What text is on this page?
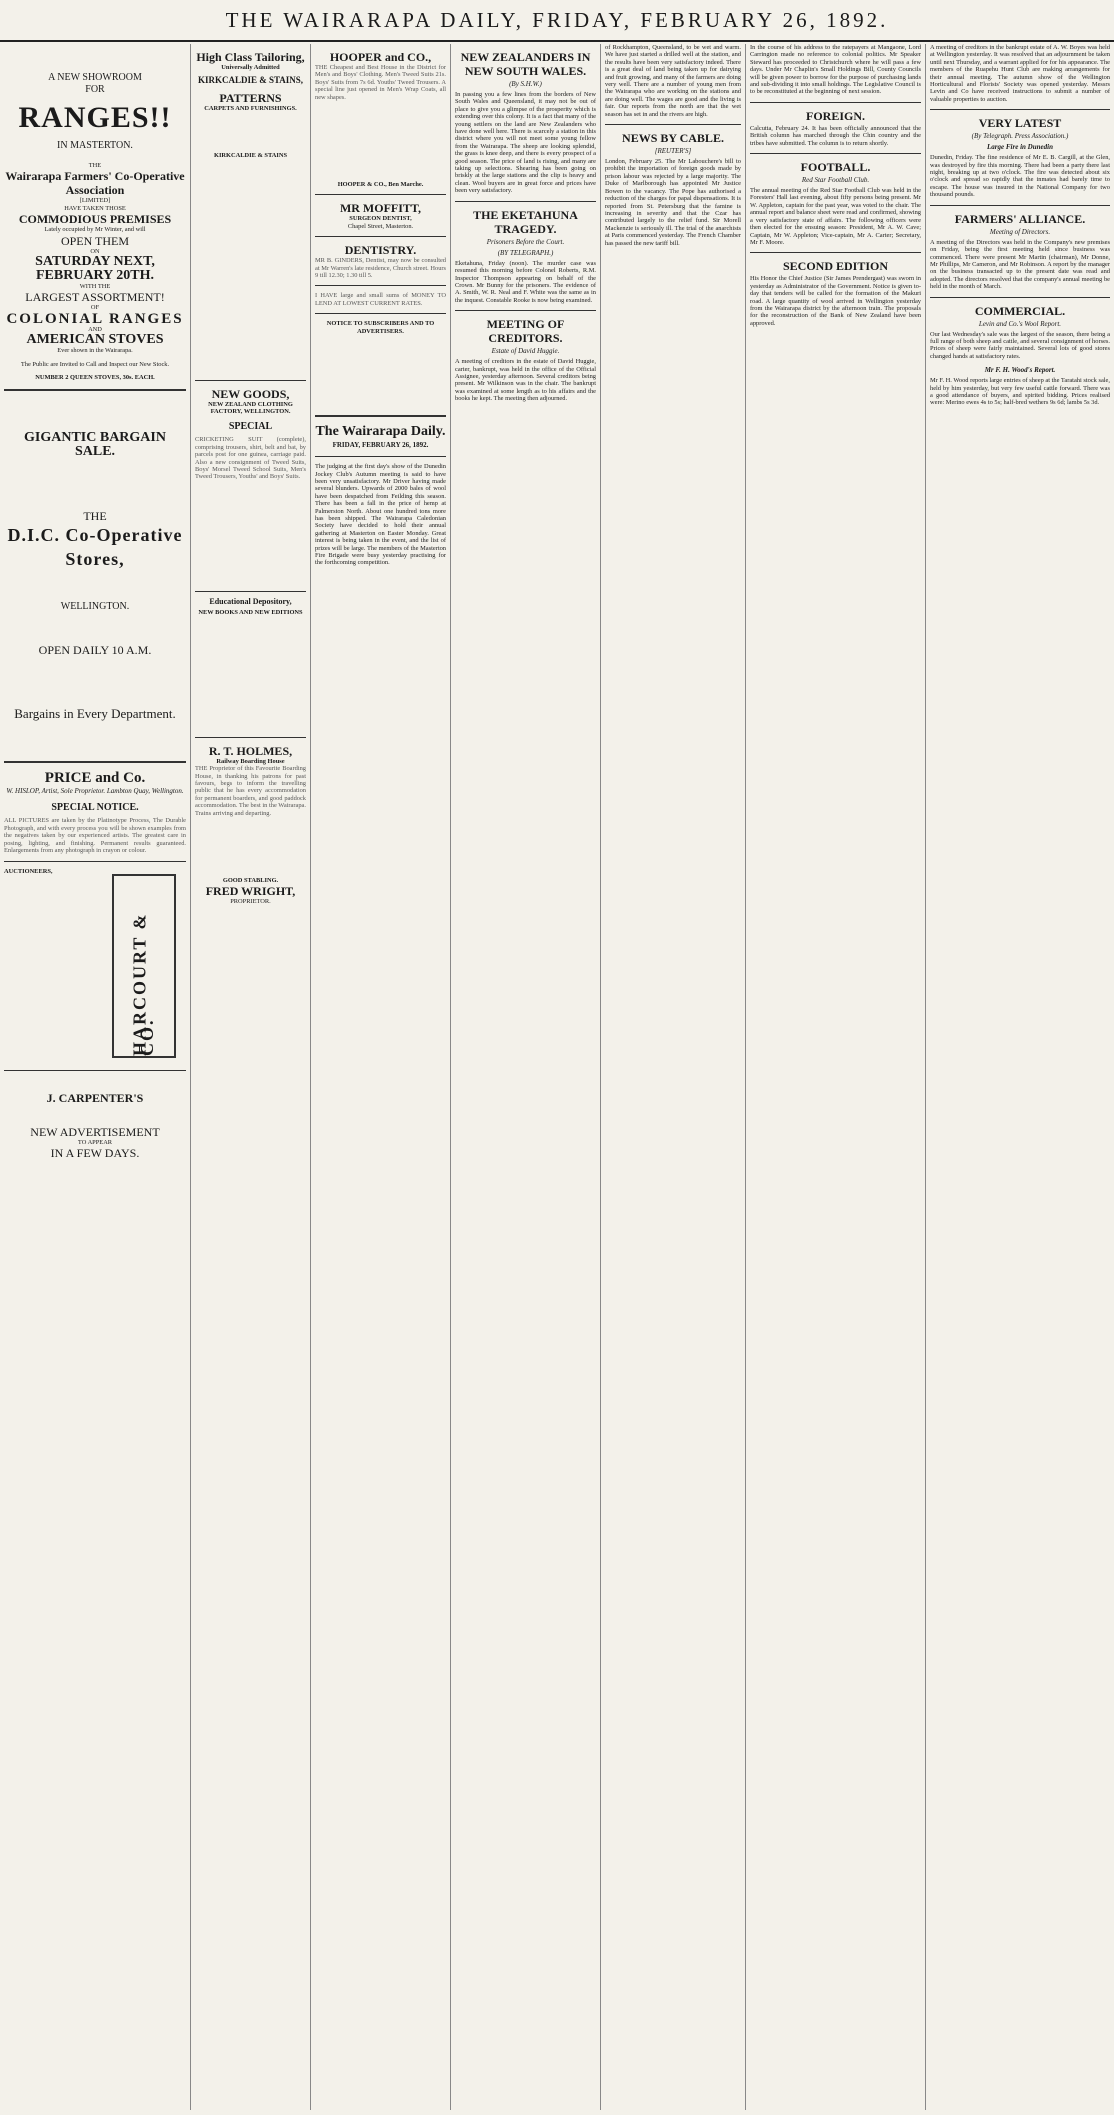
THE WAIRARAPA DAILY, FRIDAY, FEBRUARY 26, 1892.
A NEW SHOWROOM
FOR
RANGES!!
IN MASTERTON.
THE
Wairarapa Farmers' Co-Operative Association
[LIMITED]
HAVE TAKEN THOSE
COMMODIOUS PREMISES
Lately occupied by Mr Winter, and will
OPEN THEM
ON
SATURDAY NEXT, FEBRUARY 20TH.
WITH THE
LARGEST ASSORTMENT!
OF
COLONIAL RANGES
AND
AMERICAN STOVES
Ever shown in the Wairarapa.
The Public are Invited to Call and Inspect our New Stock.
NUMBER 2 QUEEN STOVES, 30s. EACH.
GIGANTIC BARGAIN SALE.
THE
D.I.C. Co-Operative Stores,
WELLINGTON.
OPEN DAILY 10 A.M.
Bargains in Every Department.
PRICE and Co.
W. HISLOP, Artist, Sole Proprietor. Lambton Quay, Wellington.
SPECIAL NOTICE.
ALL PICTURES are taken by the Platinotype Process, The Durable Photograph, and with every process you will be shown examples from the negatives taken by our experienced artists. The greatest care in posing, lighting, and finishing. Permanent results guaranteed. Enlargements from any photograph in crayon or colour.
AUCTIONEERS,
HARCOURT & CO.
J. CARPENTER'S
NEW ADVERTISEMENT
TO APPEAR
IN A FEW DAYS.
High Class Tailoring,
Universally Admitted
KIRKCALDIE & STAINS,
PATTERNS
CARPETS AND FURNISHINGS.
KIRKCALDIE & STAINS
NEW GOODS,
NEW ZEALAND CLOTHING FACTORY, WELLINGTON.
SPECIAL
CRICKETING SUIT (complete), comprising trousers, shirt, belt and bat, by parcels post for one guinea, carriage paid. Also a new consignment of Tweed Suits, Boys' Morsel Tweed School Suits, Men's Tweed Trousers, Youths' and Boys' Suits.
Educational Depository,
NEW BOOKS AND NEW EDITIONS
R. T. HOLMES,
Railway Boarding House
THE Proprietor of this Favourite Boarding House, in thanking his patrons for past favours, begs to inform the travelling public that he has every accommodation for permanent boarders, and good paddock accommodation. The best in the Wairarapa. Trains arriving and departing.
GOOD STABLING.
FRED WRIGHT,
PROPRIETOR.
HOOPER and CO.,
THE Cheapest and Best House in the District for Men's and Boys' Clothing. Men's Tweed Suits 21s. Boys' Suits from 7s 6d. Youths' Tweed Trousers. A special line just opened in Men's Wrap Coats, all new shapes.
HOOPER & CO., Ben Marche.
MR MOFFITT,
SURGEON DENTIST,
Chapel Street, Masterton.
DENTISTRY.
MR B. GINDERS, Dentist, may now be consulted at Mr Warren's late residence, Church street. Hours 9 till 12.30; 1.30 till 5.
I HAVE large and small sums of MONEY TO LEND AT LOWEST CURRENT RATES.
NOTICE TO SUBSCRIBERS AND TO ADVERTISERS.
The Wairarapa Daily.
FRIDAY, FEBRUARY 26, 1892.
The judging at the first day's show of the Dunedin Jockey Club's Autumn meeting is said to have been very unsatisfactory. Mr Driver having made several blunders. Upwards of 2000 bales of wool have been despatched from Feilding this season. There has been a fall in the price of hemp at Palmerston North. About one hundred tons more has been shipped. The Wairarapa Caledonian Society have decided to hold their annual gathering at Masterton on Easter Monday. Great interest is being taken in the event, and the list of prizes will be large. The members of the Masterton Fire Brigade were busy yesterday practising for the forthcoming competition.
NEW ZEALANDERS IN NEW SOUTH WALES.
(By S.H.W.)
In passing you a few lines from the borders of New South Wales and Queensland, it may not be out of place to give you a glimpse of the prosperity which is extending over this colony. It is a fact that many of the young settlers on the land are New Zealanders who have done well here. There is scarcely a station in this district where you will not meet some young fellow from the Wairarapa. The sheep are looking splendid, the grass is knee deep, and there is every prospect of a good season. The price of land is rising, and many are taking up selections. Shearing has been going on briskly at the large stations and the clip is heavy and clean. Wool buyers are in great force and prices have been very satisfactory.
THE EKETAHUNA TRAGEDY.
Prisoners Before the Court.
(BY TELEGRAPH.)
Eketahuna, Friday (noon). The murder case was resumed this morning before Colonel Roberts, R.M. Inspector Thompson appearing on behalf of the Crown. Mr Bunny for the prisoners. The evidence of A. Smith, W. R. Neal and F. White was the same as in the inquest. Constable Rooke is now being examined.
MEETING OF CREDITORS.
Estate of David Huggie.
A meeting of creditors in the estate of David Huggie, carter, bankrupt, was held in the office of the Official Assignee, yesterday afternoon. Several creditors being present. Mr Wilkinson was in the chair. The bankrupt was examined at some length as to his affairs and the books he kept. The meeting then adjourned.
of Rockhampton, Queensland, to be wet and warm. We have just started a drilled well at the station, and the results have been very satisfactory indeed. There is a great deal of land being taken up for dairying and fruit growing, and many of the farmers are doing very well. There are a number of young men from the Wairarapa who are working on the stations and are doing well. The wages are good and the living is fair. Our reports from the north are that the wet season has set in and the rivers are high.
NEWS BY CABLE.
[REUTER'S]
London, February 25. The Mr Labouchere's bill to prohibit the importation of foreign goods made by prison labour was rejected by a large majority. The Duke of Marlborough has appointed Mr Justice Bowen to the vacancy. The Pope has authorised a reduction of the charges for papal dispensations. It is reported from St. Petersburg that the famine is increasing in severity and that the Czar has contributed largely to the relief fund. Sir Morell Mackenzie is seriously ill. The trial of the anarchists at Paris commenced yesterday. The French Chamber has passed the new tariff bill.
In the course of his address to the ratepayers at Mangaone, Lord Carrington made no reference to colonial politics. Mr Speaker Steward has proceeded to Christchurch where he will pass a few days. Under Mr Chaplin's Small Holdings Bill, County Councils will be given power to borrow for the purpose of purchasing lands and sub-dividing it into small holdings. The Legislative Council is to be reconstituted at the beginning of next session.
FOREIGN.
Calcutta, February 24. It has been officially announced that the British column has marched through the Chin country and the tribes have submitted. The column is to return shortly.
FOOTBALL.
Red Star Football Club.
The annual meeting of the Red Star Football Club was held in the Foresters' Hall last evening, about fifty persons being present. Mr W. Appleton, captain for the past year, was voted to the chair. The annual report and balance sheet were read and confirmed, showing a very satisfactory state of affairs. The following officers were then elected for the ensuing season: President, Mr A. W. Cave; Captain, Mr W. Appleton; Vice-captain, Mr A. Carter; Secretary, Mr F. Moore.
SECOND EDITION
His Honor the Chief Justice (Sir James Prendergast) was sworn in yesterday as Administrator of the Government. Notice is given to-day that tenders will be called for the formation of the Makuri road. A large quantity of wool arrived in Wellington yesterday from the Wairarapa district by the afternoon train. The proposals for the reconstruction of the Bank of New Zealand have been approved.
A meeting of creditors in the bankrupt estate of A. W. Boyes was held at Wellington yesterday. It was resolved that an adjournment be taken until next Thursday, and a warrant applied for for his appearance. The members of the Ruapehu Hunt Club are making arrangements for their annual meeting. The autumn show of the Wellington Horticultural and Florists' Society was opened yesterday. Messrs Levin and Co have received instructions to submit a number of valuable properties to auction.
VERY LATEST
(By Telegraph. Press Association.)
Large Fire in Dunedin
Dunedin, Friday. The fine residence of Mr E. B. Cargill, at the Glen, was destroyed by fire this morning. There had been a party there last night, breaking up at two o'clock. The fire was detected about six o'clock and spread so rapidly that the inmates had barely time to escape. The house was insured in the National Company for two thousand pounds.
FARMERS' ALLIANCE.
Meeting of Directors.
A meeting of the Directors was held in the Company's new premises on Friday, being the first meeting held since business was commenced. There were present Mr Martin (chairman), Mr Donne, Mr Phillips, Mr Cameron, and Mr Robinson. A report by the manager on the business transacted up to the present date was read and adopted. The directors resolved that the company's annual meeting be held in the month of March.
COMMERCIAL.
Levin and Co.'s Wool Report.
Our last Wednesday's sale was the largest of the season, there being a full range of both sheep and cattle, and several consignment of horses. Prices of sheep were fairly maintained. Several lots of good stores changed hands at satisfactory rates.
Mr F. H. Wood's Report.
Mr F. H. Wood reports large entries of sheep at the Taratahi stock sale, held by him yesterday, but very few useful cattle forward. There was a good attendance of buyers, and spirited bidding. Prices realised were: Merino ewes 4s to 5s; half-bred wethers 9s 6d; lambs 5s 3d.
